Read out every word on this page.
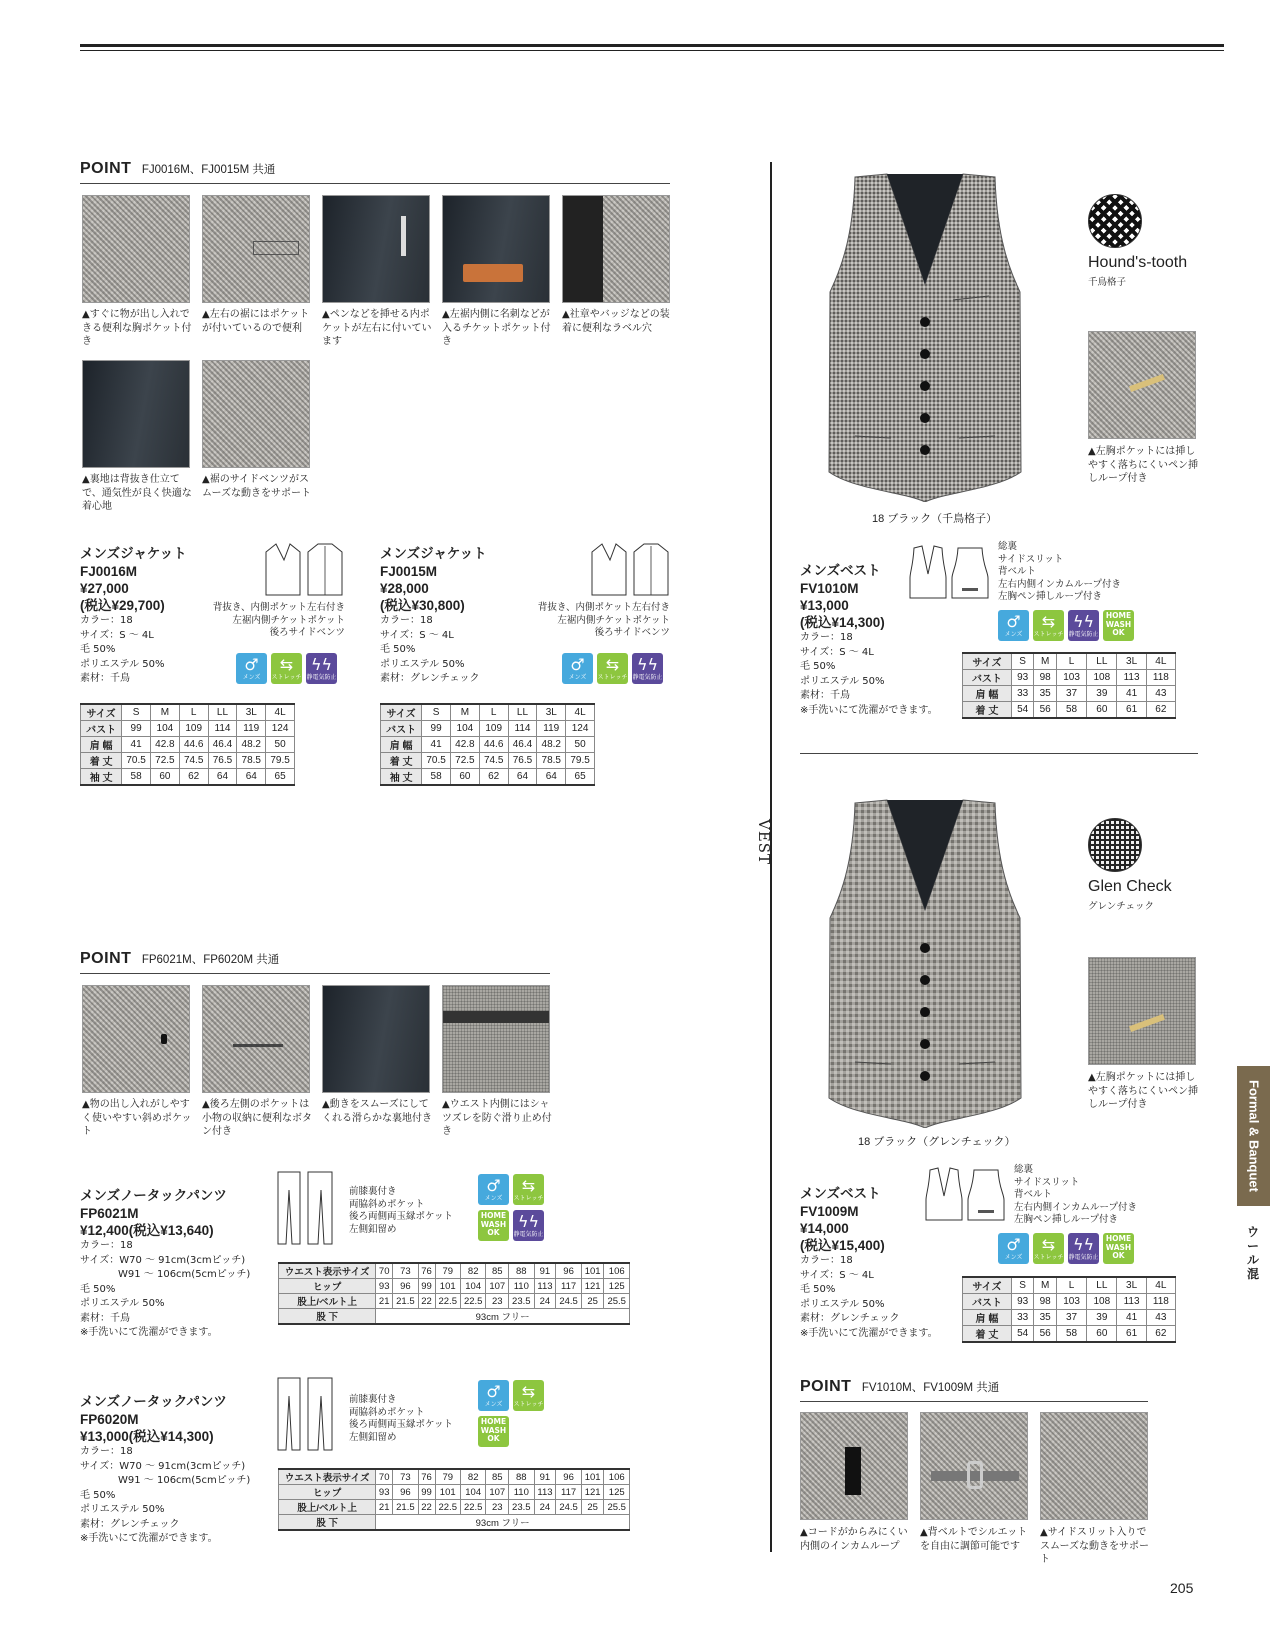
POINT FJ0016M、FJ0015M 共通
▲すぐに物が出し入れできる便利な胸ポケット付き
▲左右の裾にはポケットが付いているので便利
▲ペンなどを挿せる内ポケットが左右に付いています
▲左裾内側に名刺などが入るチケットポケット付き
▲社章やバッジなどの装着に便利なラベル穴
▲裏地は背抜き仕立てで、通気性が良く快適な着心地
▲裾のサイドベンツがスムーズな動きをサポート
メンズジャケット
FJ0016M
¥27,000
(税込¥29,700)
カラー：18
サイズ：S ～ 4L
毛 50%
ポリエステル 50%
素材：千鳥
背抜き、内側ポケット左右付き
左裾内側チケットポケット
後ろサイドベンツ
♂
メンズ
⇆
ストレッチ
ϟϟ
静電気防止
サイズ	S	M	L	LL	3L	4L
バスト	99	104	109	114	119	124
肩 幅	41	42.8	44.6	46.4	48.2	50
着 丈	70.5	72.5	74.5	76.5	78.5	79.5
袖 丈	58	60	62	64	64	65
メンズジャケット
FJ0015M
¥28,000
(税込¥30,800)
カラー：18
サイズ：S ～ 4L
毛 50%
ポリエステル 50%
素材：グレンチェック
背抜き、内側ポケット左右付き
左裾内側チケットポケット
後ろサイドベンツ
♂
メンズ
⇆
ストレッチ
ϟϟ
静電気防止
サイズ	S	M	L	LL	3L	4L
バスト	99	104	109	114	119	124
肩 幅	41	42.8	44.6	46.4	48.2	50
着 丈	70.5	72.5	74.5	76.5	78.5	79.5
袖 丈	58	60	62	64	64	65
POINT FP6021M、FP6020M 共通
▲物の出し入れがしやすく使いやすい斜めポケット
▲後ろ左側のポケットは小物の収納に便利なボタン付き
▲動きをスムーズにしてくれる滑らかな裏地付き
▲ウエスト内側にはシャツズレを防ぐ滑り止め付き
メンズノータックパンツ
FP6021M
¥12,400(税込¥13,640)
カラー：18
サイズ：W70 ～ 91cm(3cmピッチ)
W91 ～ 106cm(5cmピッチ)
毛 50%
ポリエステル 50%
素材：千鳥
※手洗いにて洗濯ができます。
前膝裏付き
両脇斜めポケット
後ろ両側両玉縁ポケット
左側釦留め
♂
メンズ
⇆
ストレッチ
HOME
WASH
OK
ϟϟ
静電気防止
ウエスト表示サイズ	70	73	76	79	82	85	88	91	96	101	106
ヒップ	93	96	99	101	104	107	110	113	117	121	125
股上/ベルト上	21	21.5	22	22.5	22.5	23	23.5	24	24.5	25	25.5
股 下	93cm フリー										
メンズノータックパンツ
FP6020M
¥13,000(税込¥14,300)
カラー：18
サイズ：W70 ～ 91cm(3cmピッチ)
W91 ～ 106cm(5cmピッチ)
毛 50%
ポリエステル 50%
素材：グレンチェック
※手洗いにて洗濯ができます。
前膝裏付き
両脇斜めポケット
後ろ両側両玉縁ポケット
左側釦留め
♂
メンズ
⇆
ストレッチ
HOME
WASH
OK
ウエスト表示サイズ	70	73	76	79	82	85	88	91	96	101	106
ヒップ	93	96	99	101	104	107	110	113	117	121	125
股上/ベルト上	21	21.5	22	22.5	22.5	23	23.5	24	24.5	25	25.5
股 下	93cm フリー										
VEST
Hound's-tooth
千鳥格子
▲左胸ポケットには挿しやすく落ちにくいペン挿しループ付き
18 ブラック（千鳥格子）
メンズベスト
FV1010M
¥13,000
(税込¥14,300)
カラー：18
サイズ：S ～ 4L
毛 50%
ポリエステル 50%
素材：千鳥
※手洗いにて洗濯ができます。
総裏
サイドスリット
背ベルト
左右内側インカムループ付き
左胸ペン挿しループ付き
♂
メンズ
⇆
ストレッチ
ϟϟ
静電気防止
HOME
WASH
OK
サイズ	S	M	L	LL	3L	4L
バスト	93	98	103	108	113	118
肩 幅	33	35	37	39	41	43
着 丈	54	56	58	60	61	62
Glen Check
グレンチェック
▲左胸ポケットには挿しやすく落ちにくいペン挿しループ付き
18 ブラック（グレンチェック）
メンズベスト
FV1009M
¥14,000
(税込¥15,400)
カラー：18
サイズ：S ～ 4L
毛 50%
ポリエステル 50%
素材：グレンチェック
※手洗いにて洗濯ができます。
総裏
サイドスリット
背ベルト
左右内側インカムループ付き
左胸ペン挿しループ付き
♂
メンズ
⇆
ストレッチ
ϟϟ
静電気防止
HOME
WASH
OK
サイズ	S	M	L	LL	3L	4L
バスト	93	98	103	108	113	118
肩 幅	33	35	37	39	41	43
着 丈	54	56	58	60	61	62
POINT FV1010M、FV1009M 共通
▲コードがからみにくい内側のインカムループ
▲背ベルトでシルエットを自由に調節可能です
▲サイドスリット入りでスムーズな動きをサポート
Formal & Banquet
ウ
ー
ル
混
205
